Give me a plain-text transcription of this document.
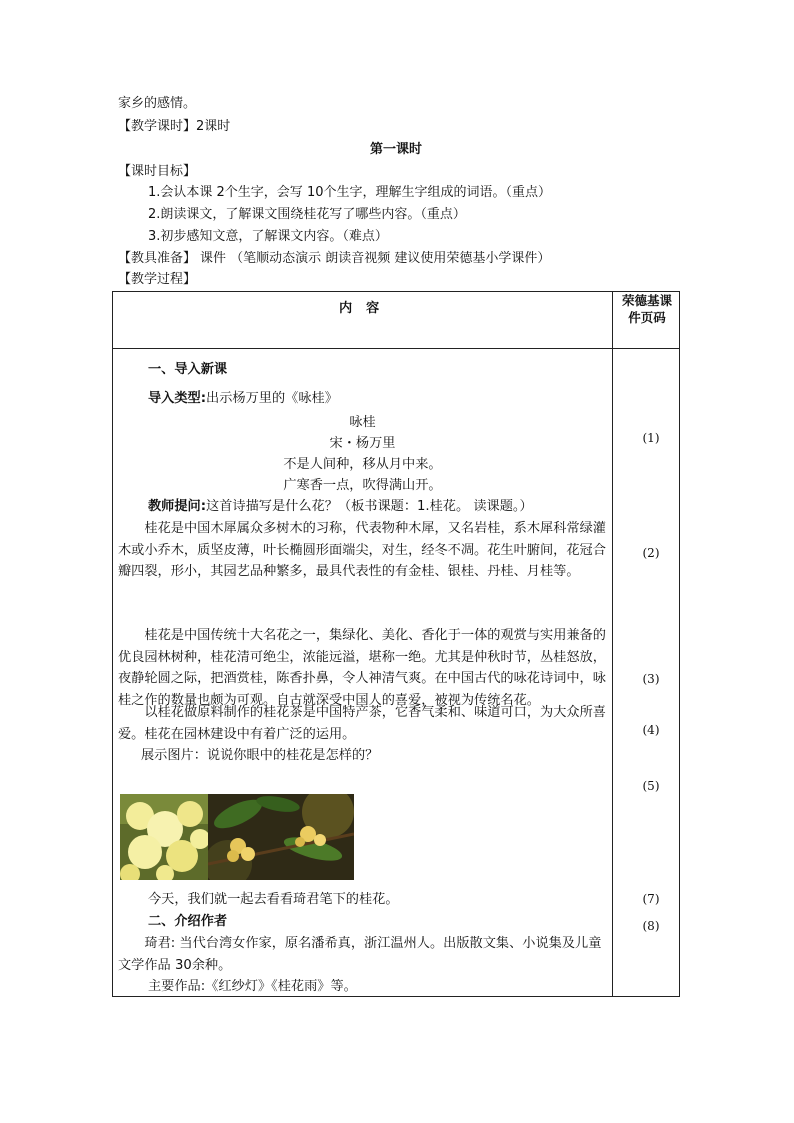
家乡的感情。
【教学课时】2课时
第一课时
【课时目标】
1.会认本课 2个生字，会写 10个生字，理解生字组成的词语。（重点）
2.朗读课文，了解课文围绕桂花写了哪些内容。（重点）
3.初步感知文意，了解课文内容。（难点）
【教具准备】 课件 （笔顺动态演示 朗读音视频 建议使用荣德基小学课件）
【教学过程】
内   容
荣德基课件页码
一、导入新课
导入类型:出示杨万里的《咏桂》
咏桂
宋・杨万里
不是人间种，移从月中来。
广寒香一点，吹得满山开。
教师提问:这首诗描写是什么花？（板书课题：1.桂花。 读课题。）
桂花是中国木犀属众多树木的习称，代表物种木犀，又名岩桂，系木犀科常绿灌木或小乔木，质坚皮薄，叶长椭圆形面端尖，对生，经冬不凋。花生叶腑间，花冠合瓣四裂，形小，其园艺品种繁多，最具代表性的有金桂、银桂、丹桂、月桂等。
桂花是中国传统十大名花之一，集绿化、美化、香化于一体的观赏与实用兼备的优良园林树种，桂花清可绝尘，浓能远溢，堪称一绝。尤其是仲秋时节，丛桂怒放，夜静轮圆之际，把酒赏桂，陈香扑鼻，令人神清气爽。在中国古代的咏花诗词中，咏桂之作的数量也颇为可观。自古就深受中国人的喜爱，被视为传统名花。
以桂花做原料制作的桂花茶是中国特产茶，它香气柔和、味道可口，为大众所喜爱。桂花在园林建设中有着广泛的运用。
展示图片：说说你眼中的桂花是怎样的？
今天，我们就一起去看看琦君笔下的桂花。
二、介绍作者
琦君: 当代台湾女作家，原名潘希真，浙江温州人。出版散文集、小说集及儿童文学作品 30余种。
主要作品:《红纱灯》《桂花雨》等。
(1)
(2)
(3)
(4)
(5)
(7)
(8)
